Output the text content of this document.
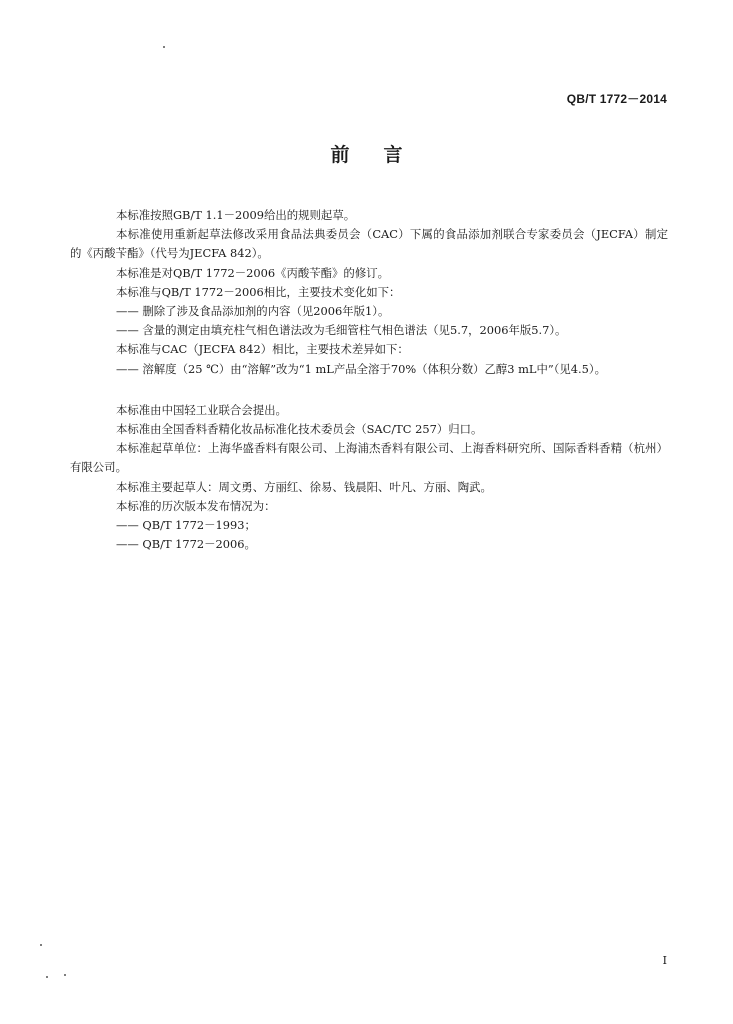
QB/T 1772－2014
前言

本标准按照GB/T 1.1－2009给出的规则起草。

本标准使用重新起草法修改采用食品法典委员会（CAC）下属的食品添加剂联合专家委员会（JECFA）制定的《丙酸苄酯》（代号为JECFA 842）。

本标准是对QB/T 1772－2006《丙酸苄酯》的修订。

本标准与QB/T 1772－2006相比，主要技术变化如下：

—— 删除了涉及食品添加剂的内容（见2006年版1）。

—— 含量的测定由填充柱气相色谱法改为毛细管柱气相色谱法（见5.7，2006年版5.7）。

本标准与CAC（JECFA 842）相比，主要技术差异如下：

—— 溶解度（25 ℃）由“溶解”改为“1 mL产品全溶于70%（体积分数）乙醇3 mL中”（见4.5）。

本标准由中国轻工业联合会提出。

本标准由全国香料香精化妆品标准化技术委员会（SAC/TC 257）归口。

本标准起草单位：上海华盛香料有限公司、上海浦杰香料有限公司、上海香料研究所、国际香料香精（杭州）有限公司。

本标准主要起草人：周文勇、方丽红、徐易、钱晨阳、叶凡、方丽、陶武。

本标准的历次版本发布情况为：

—— QB/T 1772－1993；

—— QB/T 1772－2006。

I
